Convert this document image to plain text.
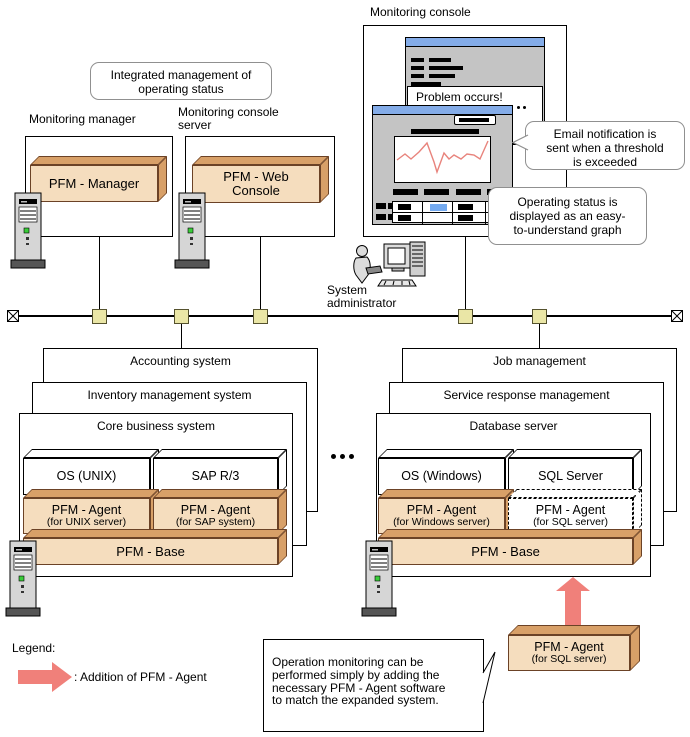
Integrated management of
operating status
Monitoring manager	Monitoring console
server
PFM - Manager	PFM - Web
Console
Monitoring console
Problem occurs!
System
administrator
Email notification is
sent when a threshold
is exceeded
Operating status is
displayed as an easy-
to-understand graph
Accounting system
Inventory management system
Core business system
OS (UNIX)	SAP R/3
PFM - Agent
(for UNIX server)
PFM - Agent
(for SAP system)
PFM - Base
Job management
Service response management
Database server
OS (Windows)	SQL Server
PFM - Agent
(for Windows server)
PFM - Agent
(for SQL server)
PFM - Base
PFM - Agent
(for SQL server)
Operation monitoring can be
performed simply by adding the
necessary PFM - Agent software
to match the expanded system.
Legend:
: Addition of PFM - Agent
